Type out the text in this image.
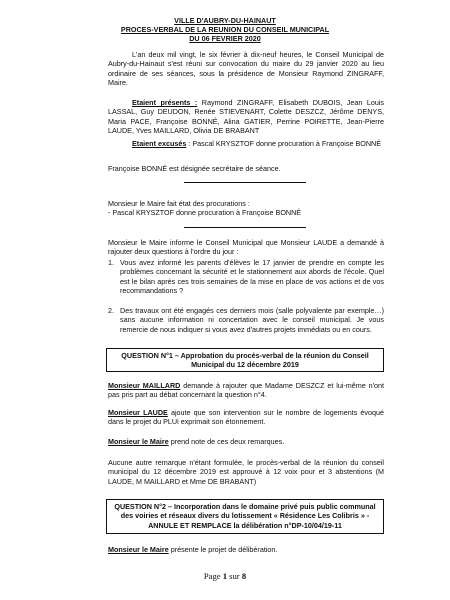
VILLE D'AUBRY-DU-HAINAUT
PROCES-VERBAL DE LA REUNION DU CONSEIL MUNICIPAL
DU 06 FEVRIER 2020
L'an deux mil vingt, le six février à dix-neuf heures, le Conseil Municipal de Aubry-du-Hainaut s'est réuni sur convocation du maire du 29 janvier 2020 au lieu ordinaire de ses séances, sous la présidence de Monsieur Raymond ZINGRAFF, Maire.
Etaient présents : Raymond ZINGRAFF, Elisabeth DUBOIS, Jean Louis LASSAL, Guy DEUDON, Renée STIEVENART, Colette DESZCZ, Jérôme DENYS, Maria PACE, Françoise BONNÉ, Alina GATIER, Perrine POIRETTE, Jean-Pierre LAUDE, Yves MAILLARD, Olivia DE BRABANT
Etaient excusés : Pascal KRYSZTOF donne procuration à Françoise BONNÉ
Françoise BONNÉ est désignée secrétaire de séance.
Monsieur le Maire fait état des procurations :
- Pascal KRYSZTOF donne procuration à Françoise BONNÉ
Monsieur le Maire informe le Conseil Municipal que Monsieur LAUDE a demandé à rajouter deux questions à l'ordre du jour :
1. Vous avez informé les parents d'élèves le 17 janvier de prendre en compte les problèmes concernant la sécurité et le stationnement aux abords de l'école. Quel est le bilan après ces trois semaines de la mise en place de vos actions et de vos recommandations ?
2. Des travaux ont été engagés ces derniers mois (salle polyvalente par exemple…) sans aucune information ni concertation avec le conseil municipal. Je vous remercie de nous indiquer si vous avez d'autres projets immédiats ou en cours.
QUESTION N°1 – Approbation du procès-verbal de la réunion du Conseil Municipal du 12 décembre 2019
Monsieur MAILLARD demande à rajouter que Madame DESZCZ et lui-même n'ont pas pris part au débat concernant la question n°4.
Monsieur LAUDE ajoute que son intervention sur le nombre de logements évoqué dans le projet du PLUi exprimait son étonnement.
Monsieur le Maire prend note de ces deux remarques.
Aucune autre remarque n'étant formulée, le procès-verbal de la réunion du conseil municipal du 12 décembre 2019 est approuvé à 12 voix pour et 3 abstentions (M LAUDE, M MAILLARD et Mme DE BRABANT)
QUESTION N°2 – Incorporation dans le domaine privé puis public communal des voiries et réseaux divers du lotissement « Résidence Les Colibris » - ANNULE ET REMPLACE la délibération n°DP-10/04/19-11
Monsieur le Maire présente le projet de délibération.
Page 1 sur 8
